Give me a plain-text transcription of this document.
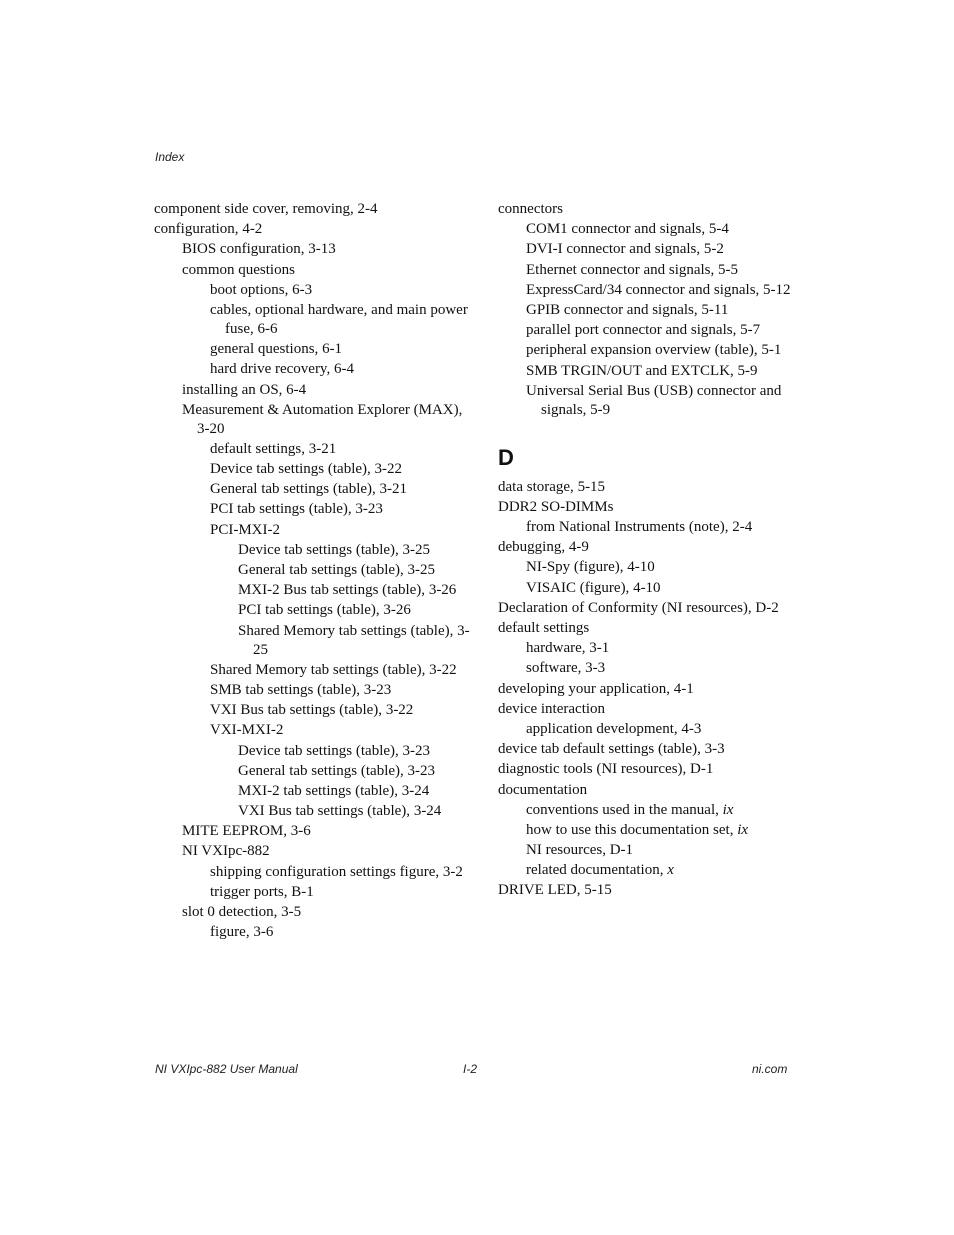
Index
component side cover, removing, 2-4
configuration, 4-2
BIOS configuration, 3-13
common questions
boot options, 6-3
cables, optional hardware, and main power fuse, 6-6
general questions, 6-1
hard drive recovery, 6-4
installing an OS, 6-4
Measurement & Automation Explorer (MAX), 3-20
default settings, 3-21
Device tab settings (table), 3-22
General tab settings (table), 3-21
PCI tab settings (table), 3-23
PCI-MXI-2
Device tab settings (table), 3-25
General tab settings (table), 3-25
MXI-2 Bus tab settings (table), 3-26
PCI tab settings (table), 3-26
Shared Memory tab settings (table), 3-25
Shared Memory tab settings (table), 3-22
SMB tab settings (table), 3-23
VXI Bus tab settings (table), 3-22
VXI-MXI-2
Device tab settings (table), 3-23
General tab settings (table), 3-23
MXI-2 tab settings (table), 3-24
VXI Bus tab settings (table), 3-24
MITE EEPROM, 3-6
NI VXIpc-882
shipping configuration settings figure, 3-2
trigger ports, B-1
slot 0 detection, 3-5
figure, 3-6
connectors
COM1 connector and signals, 5-4
DVI-I connector and signals, 5-2
Ethernet connector and signals, 5-5
ExpressCard/34 connector and signals, 5-12
GPIB connector and signals, 5-11
parallel port connector and signals, 5-7
peripheral expansion overview (table), 5-1
SMB TRGIN/OUT and EXTCLK, 5-9
Universal Serial Bus (USB) connector and signals, 5-9
D
data storage, 5-15
DDR2 SO-DIMMs
from National Instruments (note), 2-4
debugging, 4-9
NI-Spy (figure), 4-10
VISAIC (figure), 4-10
Declaration of Conformity (NI resources), D-2
default settings
hardware, 3-1
software, 3-3
developing your application, 4-1
device interaction
application development, 4-3
device tab default settings (table), 3-3
diagnostic tools (NI resources), D-1
documentation
conventions used in the manual, ix
how to use this documentation set, ix
NI resources, D-1
related documentation, x
DRIVE LED, 5-15
NI VXIpc-882 User Manual	I-2	ni.com
